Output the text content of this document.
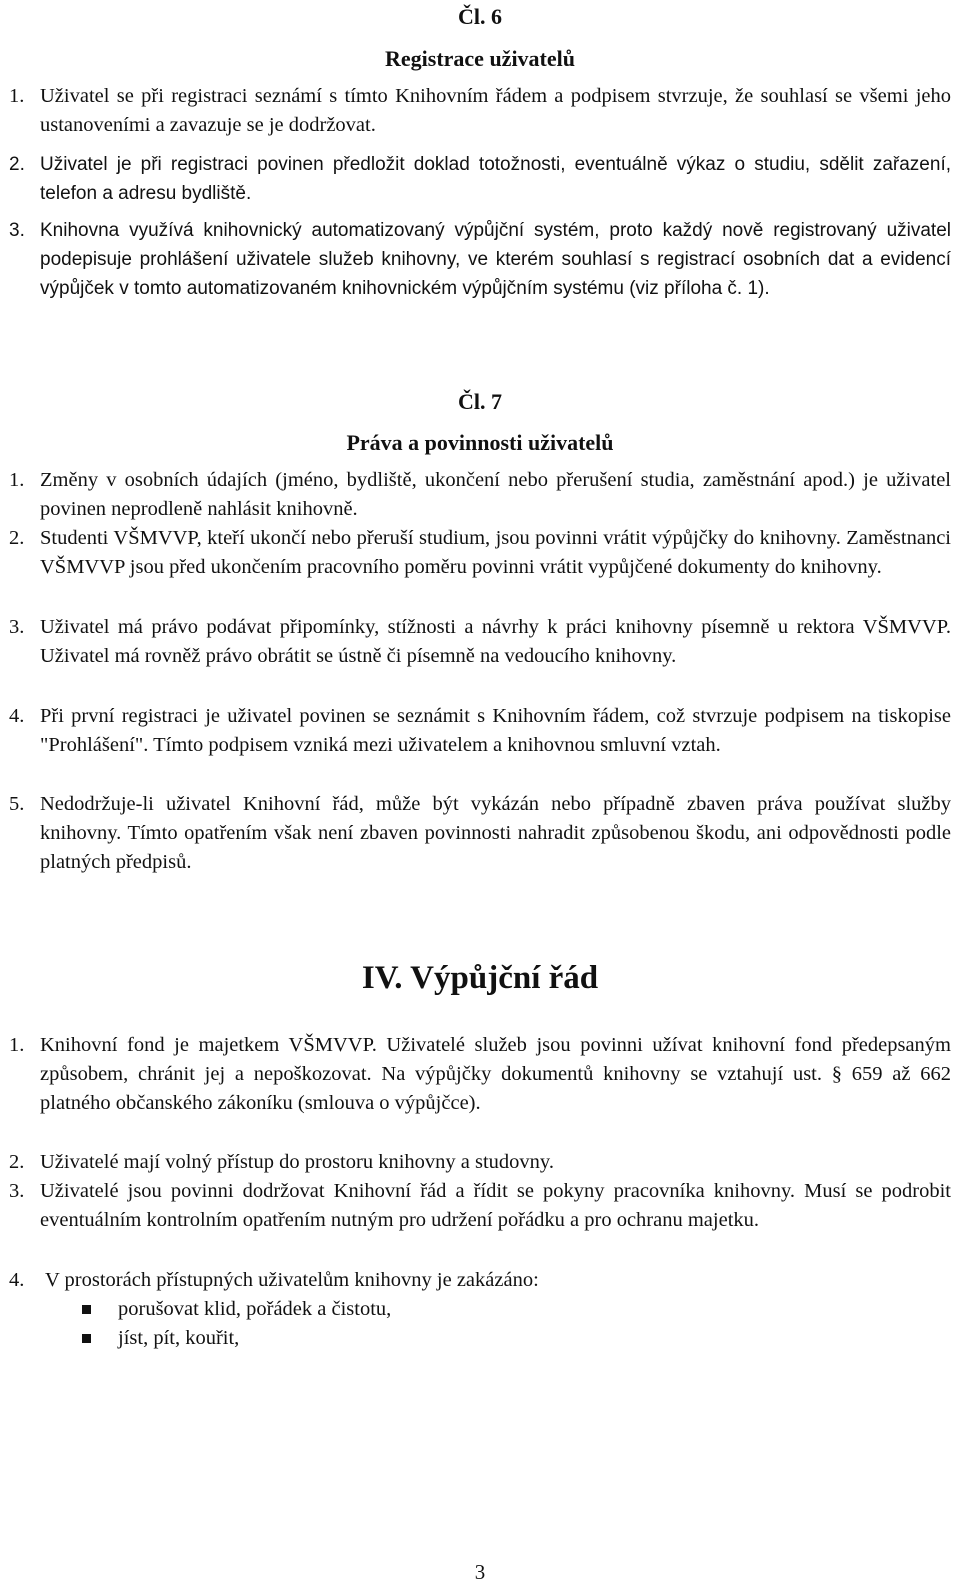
Čl. 6
Registrace uživatelů
1. Uživatel se při registraci seznámí s tímto Knihovním řádem a podpisem stvrzuje, že souhlasí se všemi jeho ustanoveními a zavazuje se je dodržovat.
2. Uživatel je při registraci povinen předložit doklad totožnosti, eventuálně výkaz o studiu, sdělit zařazení, telefon a adresu bydliště.
3. Knihovna využívá knihovnický automatizovaný výpůjční systém, proto každý nově registrovaný uživatel podepisuje prohlášení uživatele služeb knihovny, ve kterém souhlasí s registrací osobních dat a evidencí výpůjček v tomto automatizovaném knihovnickém výpůjčním systému (viz příloha č. 1).
Čl. 7
Práva a povinnosti uživatelů
1. Změny v osobních údajích (jméno, bydliště, ukončení nebo přerušení studia, zaměstnání apod.) je uživatel povinen neprodleně nahlásit knihovně.
2. Studenti VŠMVVP, kteří ukončí nebo přeruší studium, jsou povinni vrátit výpůjčky do knihovny. Zaměstnanci VŠMVVP jsou před ukončením pracovního poměru povinni vrátit vypůjčené dokumenty do knihovny.
3. Uživatel má právo podávat připomínky, stížnosti a návrhy k práci knihovny písemně u rektora VŠMVVP. Uživatel má rovněž právo obrátit se ústně či písemně na vedoucího knihovny.
4. Při první registraci je uživatel povinen se seznámit s Knihovním řádem, což stvrzuje podpisem na tiskopise "Prohlášení". Tímto podpisem vzniká mezi uživatelem a knihovnou smluvní vztah.
5. Nedodržuje-li uživatel Knihovní řád, může být vykázán nebo případně zbaven práva používat služby knihovny. Tímto opatřením však není zbaven povinnosti nahradit způsobenou škodu, ani odpovědnosti podle platných předpisů.
IV. Výpůjční řád
1. Knihovní fond je majetkem VŠMVVP. Uživatelé služeb jsou povinni užívat knihovní fond předepsaným způsobem, chránit jej a nepoškozovat. Na výpůjčky dokumentů knihovny se vztahují ust. § 659 až 662 platného občanského zákoníku (smlouva o výpůjčce).
2. Uživatelé mají volný přístup do prostoru knihovny a studovny.
3. Uživatelé jsou povinni dodržovat Knihovní řád a řídit se pokyny pracovníka knihovny. Musí se podrobit eventuálním kontrolním opatřením nutným pro udržení pořádku a pro ochranu majetku.
4. V prostorách přístupných uživatelům knihovny je zakázáno:
porušovat klid, pořádek a čistotu,
jíst, pít, kouřit,
3
